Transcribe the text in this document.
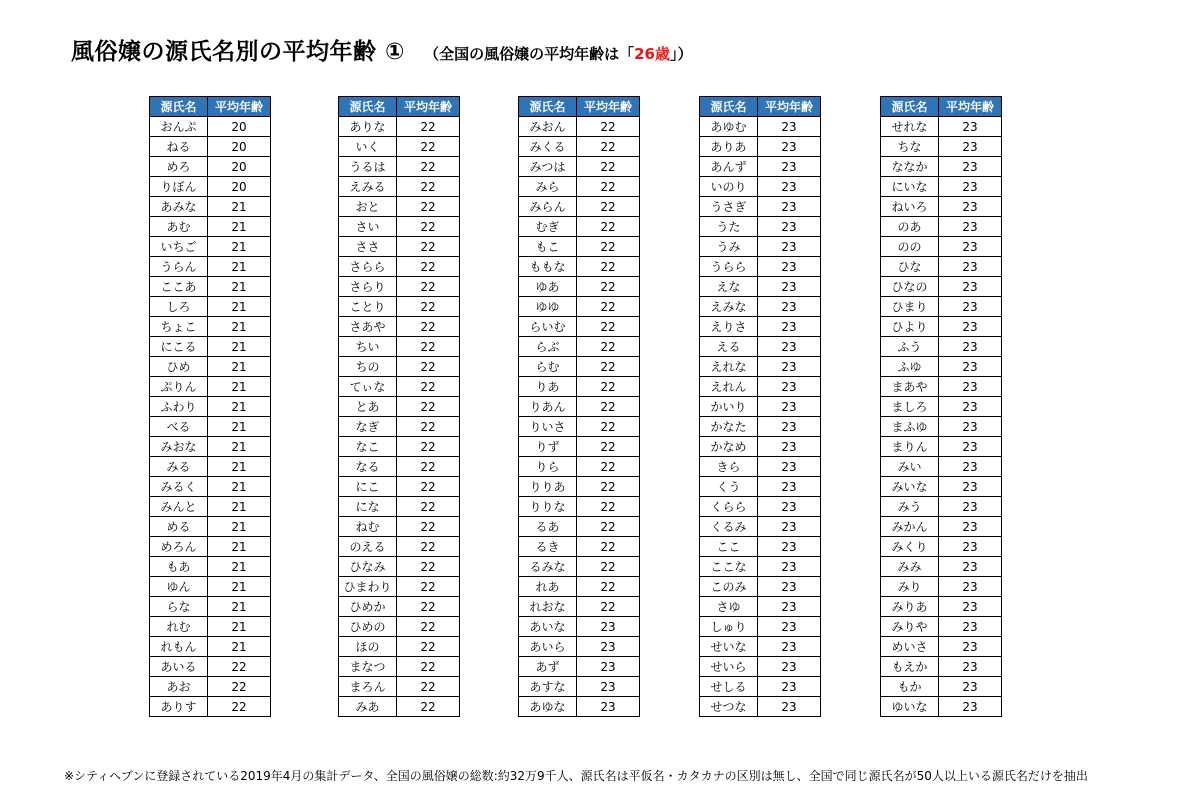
風俗嬢の源氏名別の平均年齢 ① （全国の風俗嬢の平均年齢は「26歳」）
源氏名	平均年齢
おんぷ	20
ねる	20
めろ	20
りぼん	20
あみな	21
あむ	21
いちご	21
うらん	21
ここあ	21
しろ	21
ちょこ	21
にこる	21
ひめ	21
ぷりん	21
ふわり	21
べる	21
みおな	21
みる	21
みるく	21
みんと	21
める	21
めろん	21
もあ	21
ゆん	21
らな	21
れむ	21
れもん	21
あいる	22
あお	22
ありす	22
源氏名	平均年齢
ありな	22
いく	22
うるは	22
えみる	22
おと	22
さい	22
ささ	22
さらら	22
さらり	22
ことり	22
さあや	22
ちい	22
ちの	22
てぃな	22
とあ	22
なぎ	22
なこ	22
なる	22
にこ	22
にな	22
ねむ	22
のえる	22
ひなみ	22
ひまわり	22
ひめか	22
ひめの	22
ほの	22
まなつ	22
まろん	22
みあ	22
源氏名	平均年齢
みおん	22
みくる	22
みつは	22
みら	22
みらん	22
むぎ	22
もこ	22
ももな	22
ゆあ	22
ゆゆ	22
らいむ	22
らぶ	22
らむ	22
りあ	22
りあん	22
りいさ	22
りず	22
りら	22
りりあ	22
りりな	22
るあ	22
るき	22
るみな	22
れあ	22
れおな	22
あいな	23
あいら	23
あず	23
あすな	23
あゆな	23
源氏名	平均年齢
あゆむ	23
ありあ	23
あんず	23
いのり	23
うさぎ	23
うた	23
うみ	23
うらら	23
えな	23
えみな	23
えりさ	23
える	23
えれな	23
えれん	23
かいり	23
かなた	23
かなめ	23
きら	23
くう	23
くらら	23
くるみ	23
ここ	23
ここな	23
このみ	23
さゆ	23
しゅり	23
せいな	23
せいら	23
せしる	23
せつな	23
源氏名	平均年齢
せれな	23
ちな	23
ななか	23
にいな	23
ねいろ	23
のあ	23
のの	23
ひな	23
ひなの	23
ひまり	23
ひより	23
ふう	23
ふゆ	23
まあや	23
ましろ	23
まふゆ	23
まりん	23
みい	23
みいな	23
みう	23
みかん	23
みくり	23
みみ	23
みり	23
みりあ	23
みりや	23
めいさ	23
もえか	23
もか	23
ゆいな	23
※シティヘブンに登録されている2019年4月の集計データ、全国の風俗嬢の総数:約32万9千人、源氏名は平仮名・カタカナの区別は無し、全国で同じ源氏名が50人以上いる源氏名だけを抽出
